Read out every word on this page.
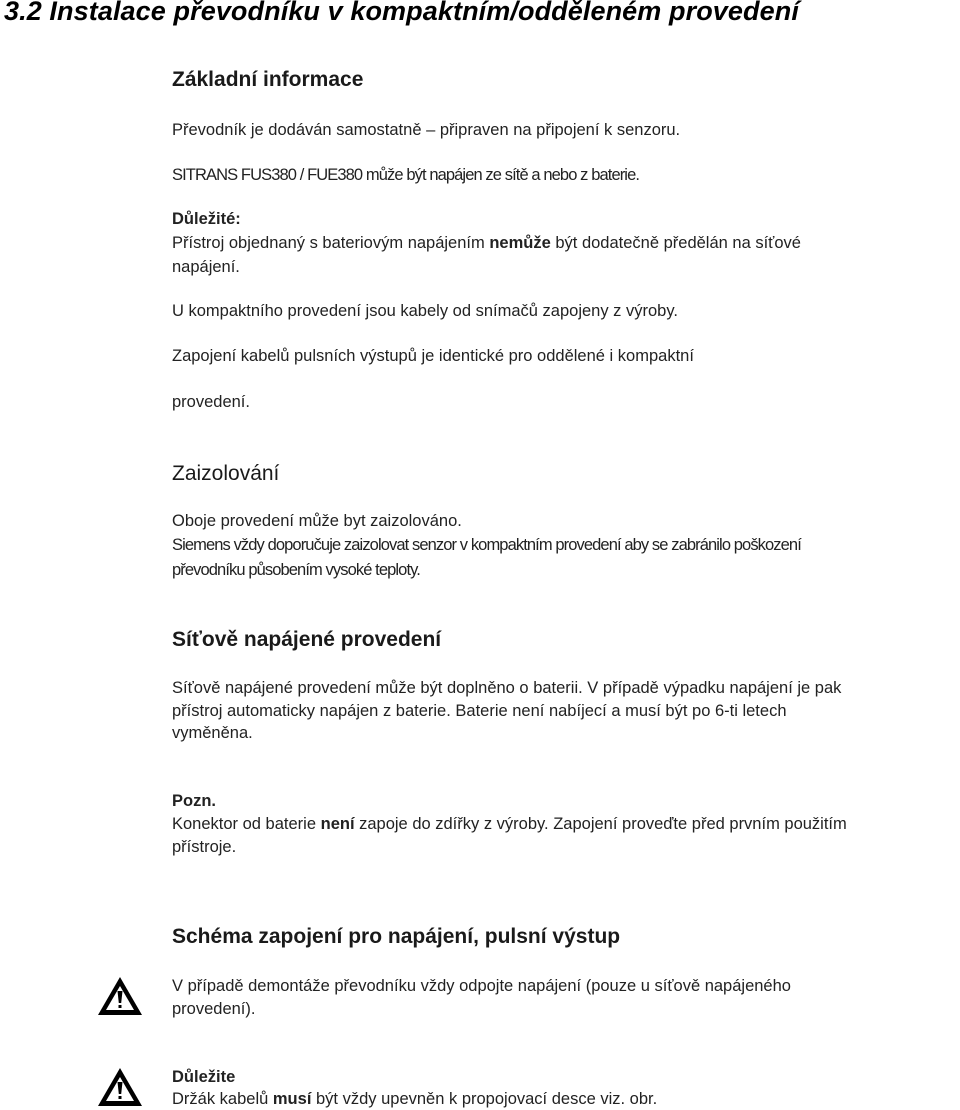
3.2 Instalace převodníku v kompaktním/odděleném provedení
Základní informace
Převodník je dodáván samostatně – připraven na připojení k senzoru.
SITRANS FUS380 / FUE380 může být napájen ze sítě a nebo z baterie.
Důležité:
Přístroj objednaný s bateriovým napájením nemůže být dodatečně předělán na síťové
napájení.
U kompaktního provedení jsou kabely od snímačů zapojeny z výroby.
Zapojení kabelů pulsních výstupů je identické pro oddělené i kompaktní
provedení.
Zaizolování
Oboje provedení může byt zaizolováno.
Siemens vždy doporučuje zaizolovat senzor v kompaktním provedení aby se zabránilo poškození
převodníku působením vysoké teploty.
Síťově napájené provedení
Síťově napájené provedení může být doplněno o baterii. V případě výpadku napájení je pak
přístroj automaticky napájen z baterie. Baterie není nabíjecí a musí být po 6-ti letech
vyměněna.
Pozn.
Konektor od baterie není zapoje do zdířky z výroby. Zapojení proveďte před prvním použitím
přístroje.
Schéma zapojení pro napájení, pulsní výstup
V případě demontáže převodníku vždy odpojte napájení (pouze u síťově napájeného
provedení).
Důležite
Držák kabelů musí být vždy upevněn k propojovací desce viz. obr.
